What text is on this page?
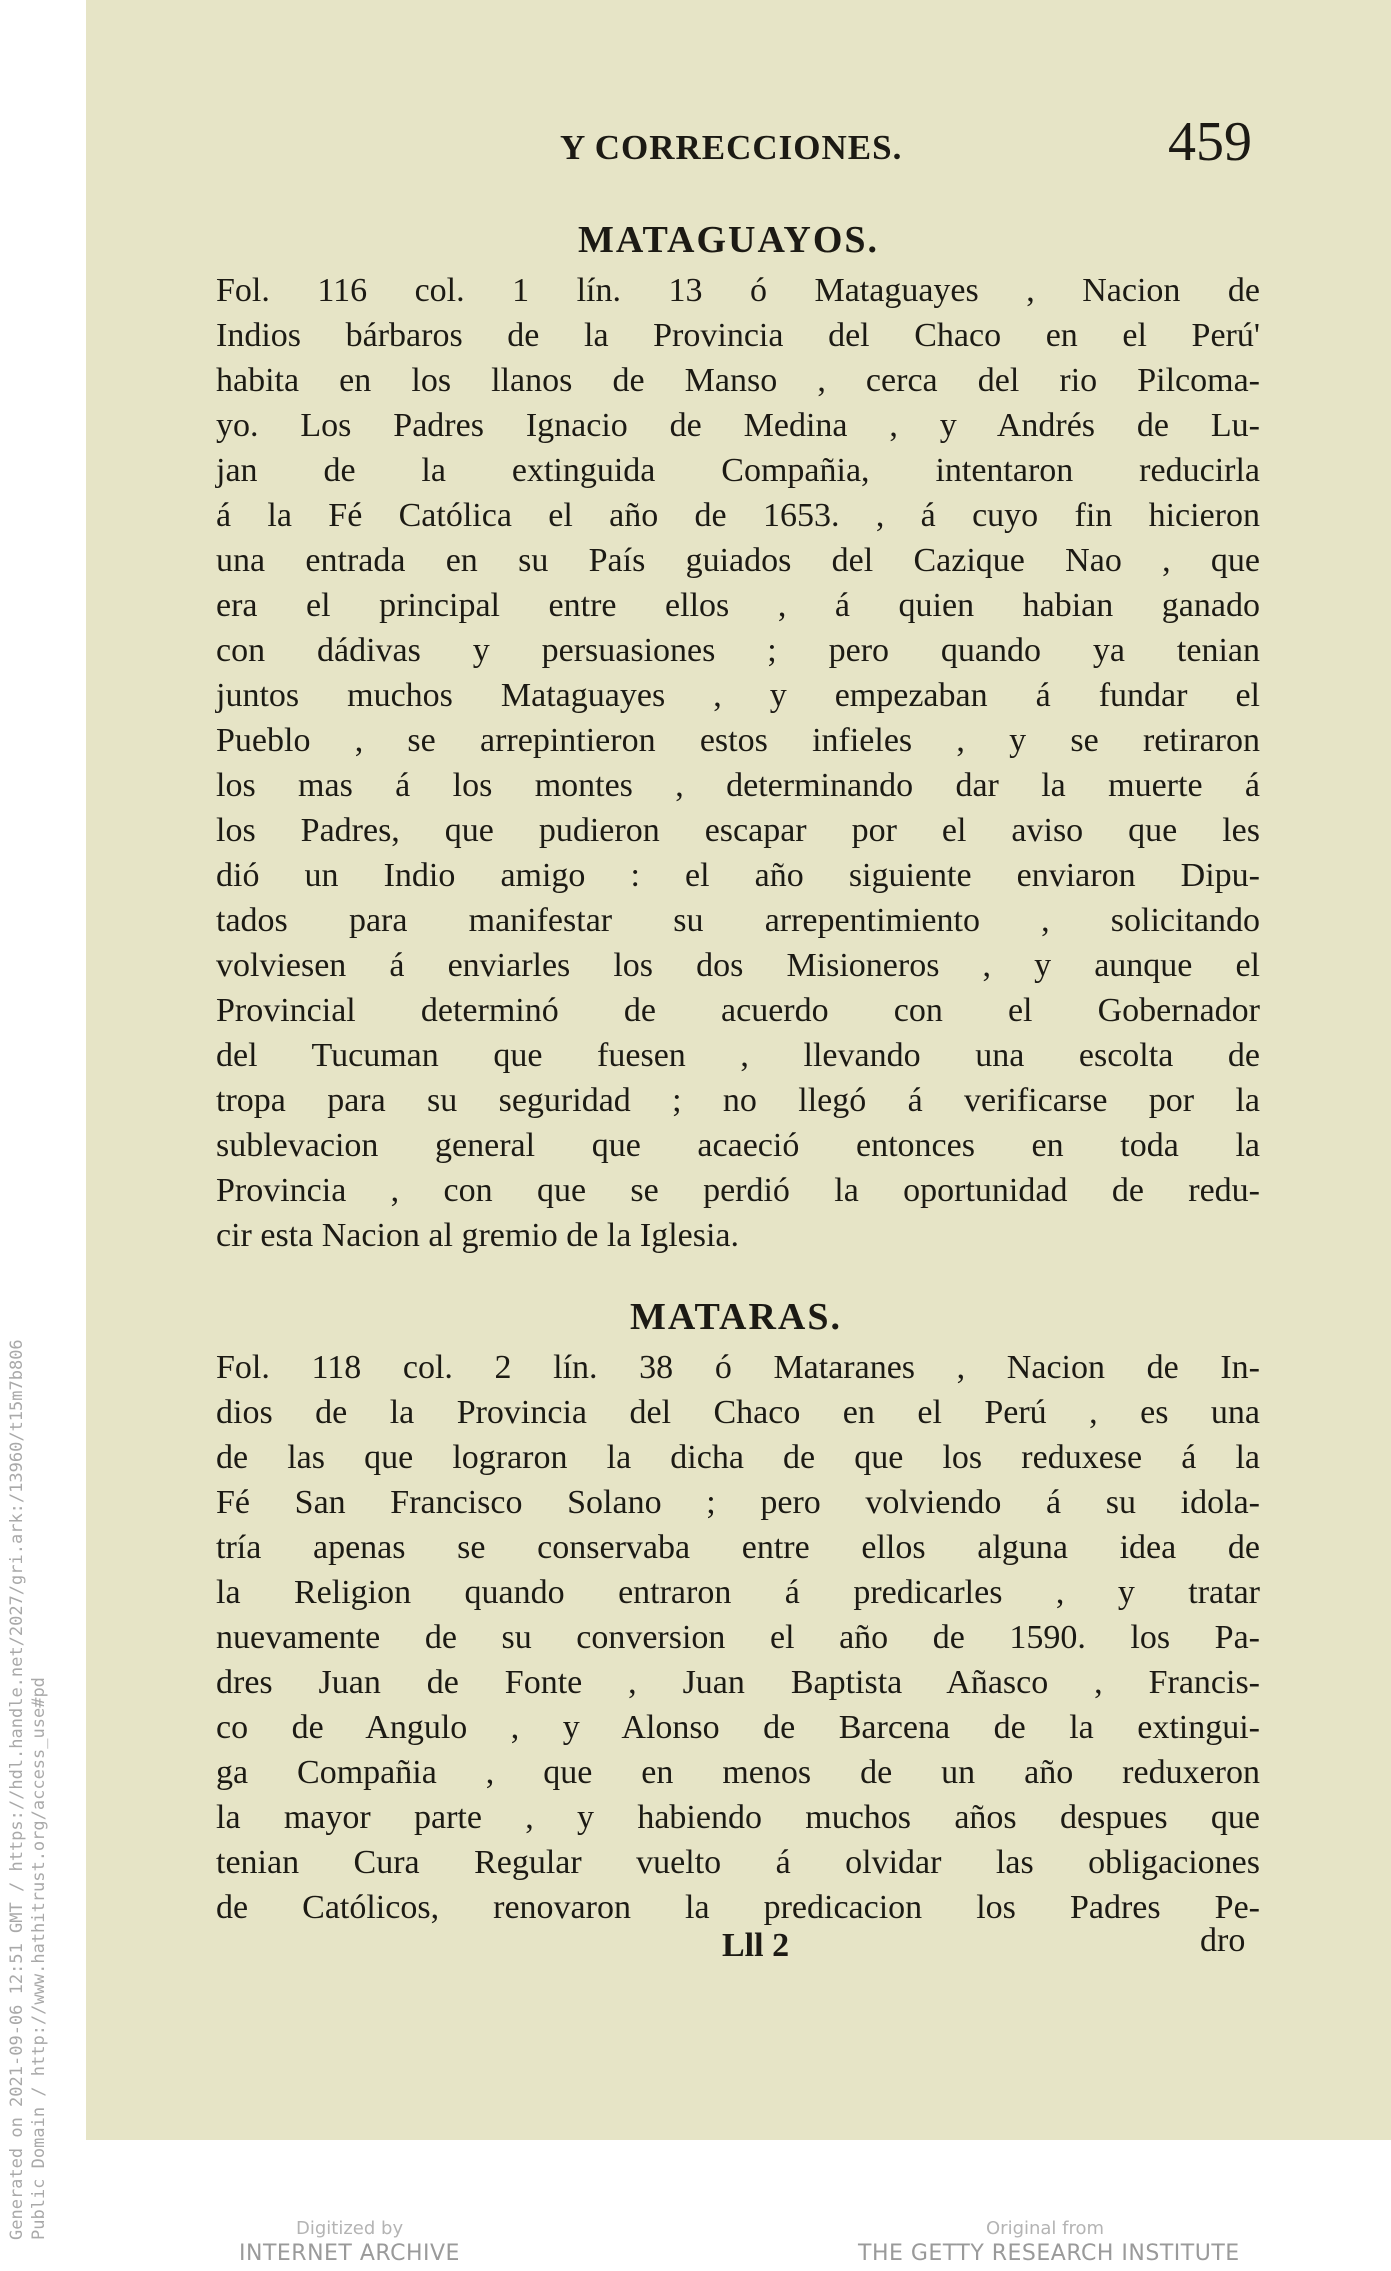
Generated on 2021-09-06 12:51 GMT / https://hdl.handle.net/2027/gri.ark:/13960/t15m7b806 Public Domain / http://www.hathitrust.org/access_use#pd
Y CORRECCIONES.	459
MATAGUAYOS.

Fol. 116 col. 1 lín. 13 ó Mataguayes , Nacion de
Indios bárbaros de la Provincia del Chaco en el Perú'
habita en los llanos de Manso , cerca del rio Pilcoma-
yo. Los Padres Ignacio de Medina , y Andrés de Lu-
jan de la extinguida Compañia, intentaron reducirla
á la Fé Católica el año de 1653. , á cuyo fin hicieron
una entrada en su País guiados del Cazique Nao , que
era el principal entre ellos , á quien habian ganado
con dádivas y persuasiones ; pero quando ya tenian
juntos muchos Mataguayes , y empezaban á fundar el
Pueblo , se arrepintieron estos infieles , y se retiraron
los mas á los montes , determinando dar la muerte á
los Padres, que pudieron escapar por el aviso que les
dió un Indio amigo : el año siguiente enviaron Dipu-
tados para manifestar su arrepentimiento , solicitando
volviesen á enviarles los dos Misioneros , y aunque el
Provincial determinó de acuerdo con el Gobernador
del Tucuman que fuesen , llevando una escolta de
tropa para su seguridad ; no llegó á verificarse por la
sublevacion general que acaeció entonces en toda la
Provincia , con que se perdió la oportunidad de redu-
cir esta Nacion al gremio de la Iglesia.

MATARAS.

Fol. 118 col. 2 lín. 38 ó Mataranes , Nacion de In-
dios de la Provincia del Chaco en el Perú , es una
de las que lograron la dicha de que los reduxese á la
Fé San Francisco Solano ; pero volviendo á su idola-
tría apenas se conservaba entre ellos alguna idea de
la Religion quando entraron á predicarles , y tratar
nuevamente de su conversion el año de 1590. los Pa-
dres Juan de Fonte , Juan Baptista Añasco , Francis-
co de Angulo , y Alonso de Barcena de la extingui-
ga Compañia , que en menos de un año reduxeron
la mayor parte , y habiendo muchos años despues que
tenian Cura Regular vuelto á olvidar las obligaciones
de Católicos, renovaron la predicacion los Padres Pe-

Lll 2	dro
Digitized by
INTERNET ARCHIVE
Original from
THE GETTY RESEARCH INSTITUTE
